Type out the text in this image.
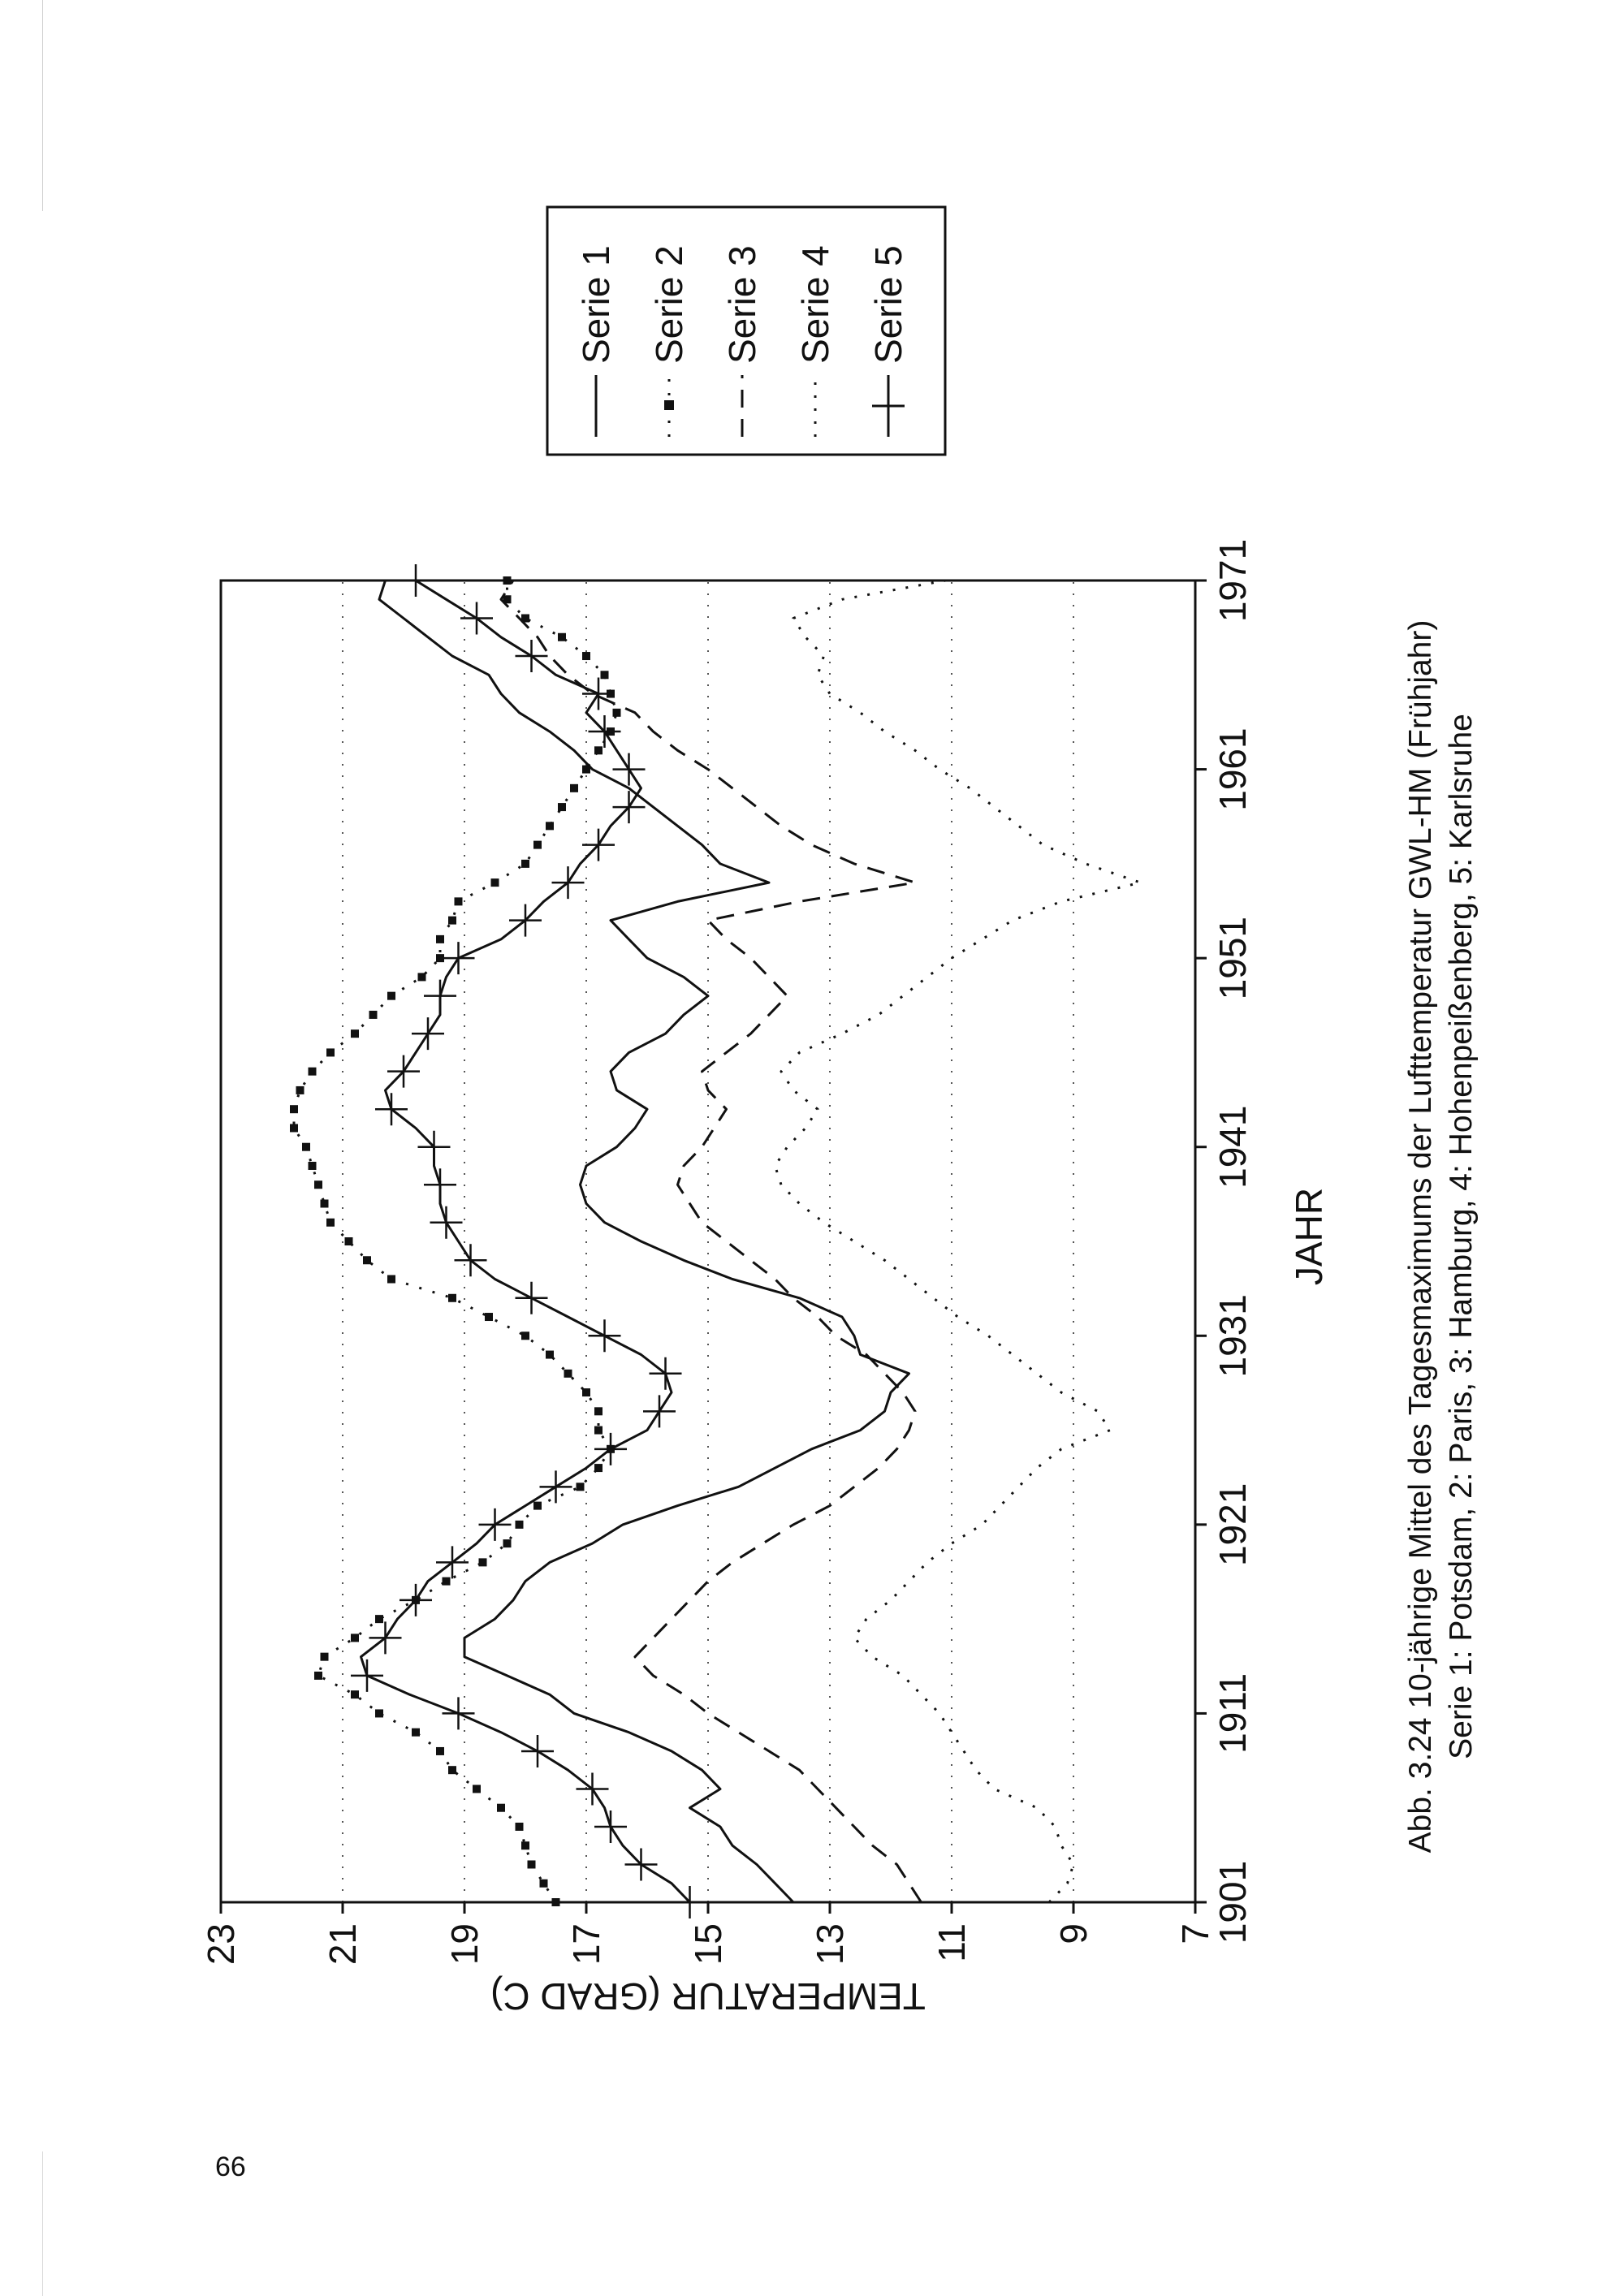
7
9
11
13
15
17
19
21
23
1901
1911
1921
1931
1941
1951
1961
1971
Serie 1 Serie 2 Serie 3 Serie 4 Serie 5
JAHR
TEMPERATUR (GRAD C)
Abb. 3.24 10-jährige Mittel des Tagesmaximums der Lufttemperatur GWL-HM (Frühjahr) Serie 1: Potsdam, 2: Paris, 3: Hamburg, 4: Hohenpeißenberg, 5: Karlsruhe
66
